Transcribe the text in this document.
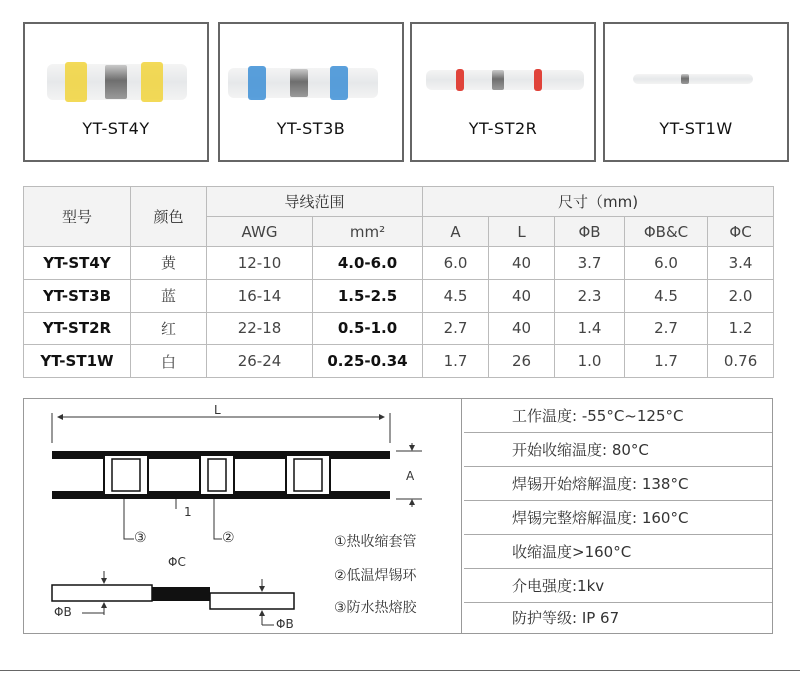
YT-ST4Y	YT-ST3B	YT-ST2R	YT-ST1W
型号	颜色	导线范围		尺寸（mm)				
		AWG	mm²	A	L	ΦB	ΦB&C	ΦC
YT-ST4Y	黄	12-10	4.0-6.0	6.0	40	3.7	6.0	3.4
YT-ST3B	蓝	16-14	1.5-2.5	4.5	40	2.3	4.5	2.0
YT-ST2R	红	22-18	0.5-1.0	2.7	40	1.4	2.7	1.2
YT-ST1W	白	26-24	0.25-0.34	1.7	26	1.0	1.7	0.76
L
A
③
1
②
ΦC
ΦB
ΦB
①热收缩套管
②低温焊锡环
③防水热熔胶
工作温度: -55°C~125°C
开始收缩温度: 80°C
焊锡开始熔解温度: 138°C
焊锡完整熔解温度: 160°C
收缩温度>160°C
介电强度:1kv
防护等级: IP 67
